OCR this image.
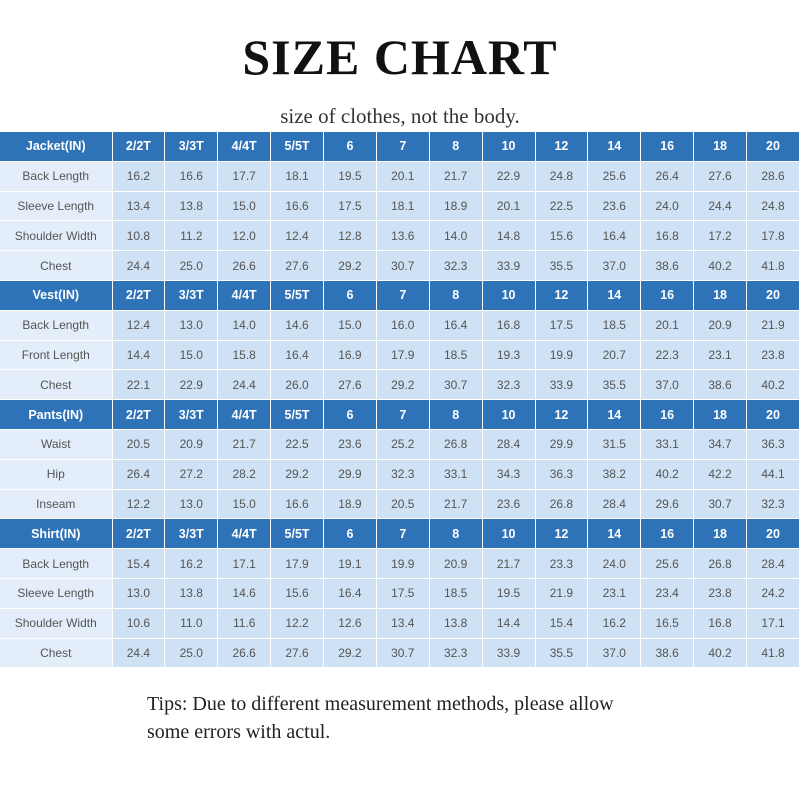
SIZE CHART
size of clothes, not the body.
Jacket(IN)	2/2T	3/3T	4/4T	5/5T	6	7	8	10	12	14	16	18	20
Back Length	16.2	16.6	17.7	18.1	19.5	20.1	21.7	22.9	24.8	25.6	26.4	27.6	28.6
Sleeve Length	13.4	13.8	15.0	16.6	17.5	18.1	18.9	20.1	22.5	23.6	24.0	24.4	24.8
Shoulder Width	10.8	11.2	12.0	12.4	12.8	13.6	14.0	14.8	15.6	16.4	16.8	17.2	17.8
Chest	24.4	25.0	26.6	27.6	29.2	30.7	32.3	33.9	35.5	37.0	38.6	40.2	41.8
Vest(IN)	2/2T	3/3T	4/4T	5/5T	6	7	8	10	12	14	16	18	20
Back Length	12.4	13.0	14.0	14.6	15.0	16.0	16.4	16.8	17.5	18.5	20.1	20.9	21.9
Front Length	14.4	15.0	15.8	16.4	16.9	17.9	18.5	19.3	19.9	20.7	22.3	23.1	23.8
Chest	22.1	22.9	24.4	26.0	27.6	29.2	30.7	32.3	33.9	35.5	37.0	38.6	40.2
Pants(IN)	2/2T	3/3T	4/4T	5/5T	6	7	8	10	12	14	16	18	20
Waist	20.5	20.9	21.7	22.5	23.6	25.2	26.8	28.4	29.9	31.5	33.1	34.7	36.3
Hip	26.4	27.2	28.2	29.2	29.9	32.3	33.1	34.3	36.3	38.2	40.2	42.2	44.1
Inseam	12.2	13.0	15.0	16.6	18.9	20.5	21.7	23.6	26.8	28.4	29.6	30.7	32.3
Shirt(IN)	2/2T	3/3T	4/4T	5/5T	6	7	8	10	12	14	16	18	20
Back Length	15.4	16.2	17.1	17.9	19.1	19.9	20.9	21.7	23.3	24.0	25.6	26.8	28.4
Sleeve Length	13.0	13.8	14.6	15.6	16.4	17.5	18.5	19.5	21.9	23.1	23.4	23.8	24.2
Shoulder Width	10.6	11.0	11.6	12.2	12.6	13.4	13.8	14.4	15.4	16.2	16.5	16.8	17.1
Chest	24.4	25.0	26.6	27.6	29.2	30.7	32.3	33.9	35.5	37.0	38.6	40.2	41.8
Tips: Due to different measurement methods, please allow
some errors with actul.
